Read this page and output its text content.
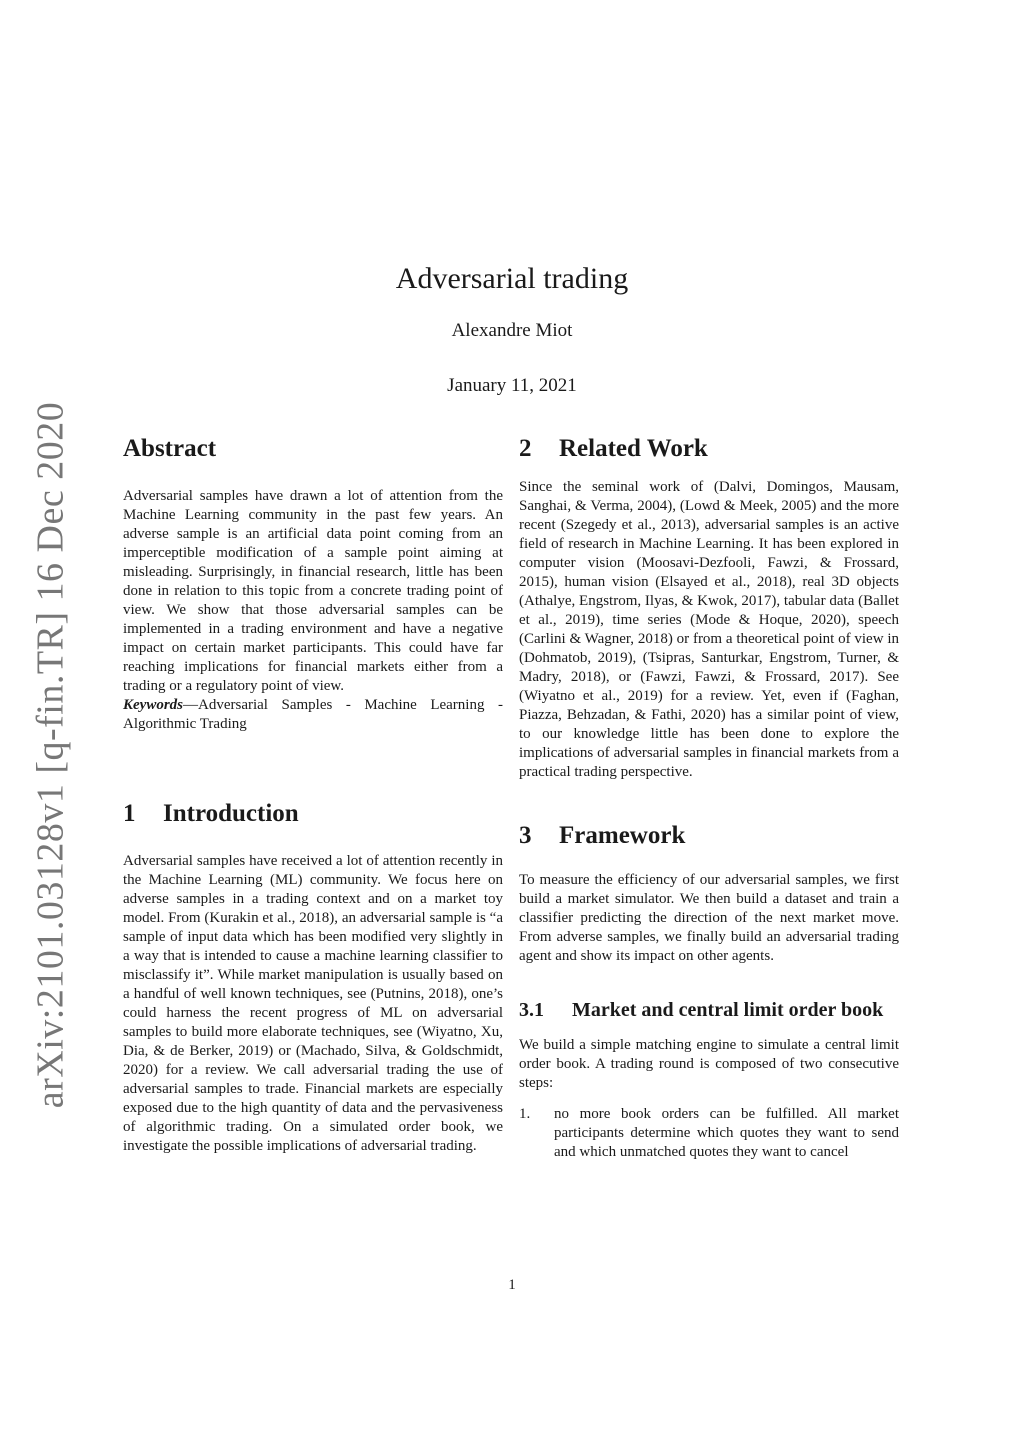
arXiv:2101.03128v1 [q-fin.TR] 16 Dec 2020
Adversarial trading
Alexandre Miot
January 11, 2021
Abstract

Adversarial samples have drawn a lot of attention from the Machine Learning community in the past few years. An adverse sample is an artificial data point coming from an imperceptible modification of a sample point aiming at misleading. Surprisingly, in financial research, little has been done in relation to this topic from a concrete trading point of view. We show that those adversarial samples can be implemented in a trading environment and have a negative impact on certain market participants. This could have far reaching implications for financial markets either from a trading or a regulatory point of view.

Keywords—Adversarial Samples - Machine Learning - Algorithmic Trading

1 Introduction

Adversarial samples have received a lot of attention recently in the Machine Learning (ML) community. We focus here on adverse samples in a trading context and on a market toy model. From (Kurakin et al., 2018), an adversarial sample is “a sample of input data which has been modified very slightly in a way that is intended to cause a machine learning classifier to misclassify it”. While market manipulation is usually based on a handful of well known techniques, see (Putnins, 2018), one’s could harness the recent progress of ML on adversarial samples to build more elaborate techniques, see (Wiyatno, Xu, Dia, & de Berker, 2019) or (Machado, Silva, & Goldschmidt, 2020) for a review. We call adversarial trading the use of adversarial samples to trade. Financial markets are especially exposed due to the high quantity of data and the pervasiveness of algorithmic trading. On a simulated order book, we investigate the possible implications of adversarial trading.

2 Related Work

Since the seminal work of (Dalvi, Domingos, Mausam, Sanghai, & Verma, 2004), (Lowd & Meek, 2005) and the more recent (Szegedy et al., 2013), adversarial samples is an active field of research in Machine Learning. It has been explored in computer vision (Moosavi-Dezfooli, Fawzi, & Frossard, 2015), human vision (Elsayed et al., 2018), real 3D objects (Athalye, Engstrom, Ilyas, & Kwok, 2017), tabular data (Ballet et al., 2019), time series (Mode & Hoque, 2020), speech (Carlini & Wagner, 2018) or from a theoretical point of view in (Dohmatob, 2019), (Tsipras, Santurkar, Engstrom, Turner, & Madry, 2018), or (Fawzi, Fawzi, & Frossard, 2017). See (Wiyatno et al., 2019) for a review. Yet, even if (Faghan, Piazza, Behzadan, & Fathi, 2020) has a similar point of view, to our knowledge little has been done to explore the implications of adversarial samples in financial markets from a practical trading perspective.

3 Framework

To measure the efficiency of our adversarial samples, we first build a market simulator. We then build a dataset and train a classifier predicting the direction of the next market move. From adverse samples, we finally build an adversarial trading agent and show its impact on other agents.

3.1	Market and central limit order book

We build a simple matching engine to simulate a central limit order book. A trading round is composed of two consecutive steps:

1. no more book orders can be fulfilled. All market participants determine which quotes they want to send and which unmatched quotes they want to cancel
1
